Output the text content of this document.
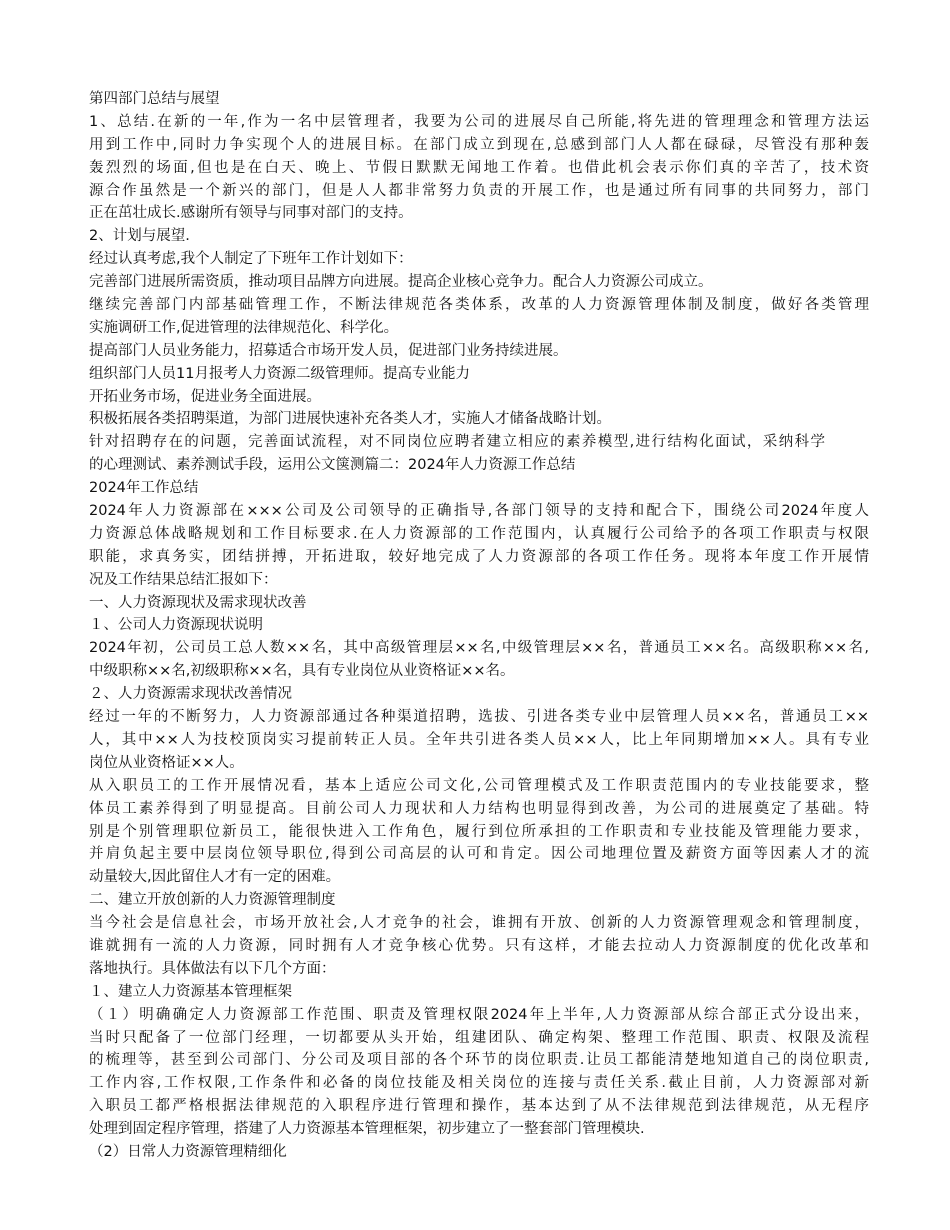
第四部门总结与展望
1、总结.在新的一年,作为一名中层管理者，我要为公司的进展尽自己所能,将先进的管理理念和管理方法运
用到工作中,同时力争实现个人的进展目标。在部门成立到现在,总感到部门人人都在碌碌，尽管没有那种轰
轰烈烈的场面,但也是在白天、晚上、节假日默默无闻地工作着。也借此机会表示你们真的辛苦了，技术资
源合作虽然是一个新兴的部门，但是人人都非常努力负责的开展工作，也是通过所有同事的共同努力，部门
正在茁壮成长.感谢所有领导与同事对部门的支持。
2、计划与展望.
经过认真考虑,我个人制定了下班年工作计划如下：
完善部门进展所需资质，推动项目品牌方向进展。提高企业核心竞争力。配合人力资源公司成立。
继续完善部门内部基础管理工作，不断法律规范各类体系，改革的人力资源管理体制及制度，做好各类管理
实施调研工作,促进管理的法律规范化、科学化。
提高部门人员业务能力，招募适合市场开发人员，促进部门业务持续进展。
组织部门人员11月报考人力资源二级管理师。提高专业能力
开拓业务市场，促进业务全面进展。
积极拓展各类招聘渠道，为部门进展快速补充各类人才，实施人才储备战略计划。
针对招聘存在的问题，完善面试流程，对不同岗位应聘者建立相应的素养模型,进行结构化面试，采纳科学
的心理测试、素养测试手段，运用公文箧测篇二：2024年人力资源工作总结
2024年工作总结
2024年人力资源部在×××公司及公司领导的正确指导,各部门领导的支持和配合下，围绕公司2024年度人
力资源总体战略规划和工作目标要求.在人力资源部的工作范围内，认真履行公司给予的各项工作职责与权限
职能，求真务实，团结拼搏，开拓进取，较好地完成了人力资源部的各项工作任务。现将本年度工作开展情
况及工作结果总结汇报如下：
一、人力资源现状及需求现状改善
１、公司人力资源现状说明
2024年初，公司员工总人数××名，其中高级管理层××名,中级管理层××名，普通员工××名。高级职称××名,
中级职称××名,初级职称××名，具有专业岗位从业资格证××名。
２、人力资源需求现状改善情况
经过一年的不断努力，人力资源部通过各种渠道招聘，选拔、引进各类专业中层管理人员××名，普通员工××
人，其中××人为技校顶岗实习提前转正人员。全年共引进各类人员××人，比上年同期增加××人。具有专业
岗位从业资格证××人。
从入职员工的工作开展情况看，基本上适应公司文化,公司管理模式及工作职责范围内的专业技能要求，整
体员工素养得到了明显提高。目前公司人力现状和人力结构也明显得到改善，为公司的进展奠定了基础。特
别是个别管理职位新员工，能很快进入工作角色，履行到位所承担的工作职责和专业技能及管理能力要求，
并肩负起主要中层岗位领导职位,得到公司高层的认可和肯定。因公司地理位置及薪资方面等因素人才的流
动量较大,因此留住人才有一定的困难。
二、建立开放创新的人力资源管理制度
当今社会是信息社会，市场开放社会,人才竞争的社会，谁拥有开放、创新的人力资源管理观念和管理制度，
谁就拥有一流的人力资源，同时拥有人才竞争核心优势。只有这样，才能去拉动人力资源制度的优化改革和
落地执行。具体做法有以下几个方面：
１、建立人力资源基本管理框架
（１）明确确定人力资源部工作范围、职责及管理权限2024年上半年,人力资源部从综合部正式分设出来，
当时只配备了一位部门经理，一切都要从头开始，组建团队、确定构架、整理工作范围、职责、权限及流程
的梳理等，甚至到公司部门、分公司及项目部的各个环节的岗位职责.让员工都能清楚地知道自己的岗位职责,
工作内容,工作权限,工作条件和必备的岗位技能及相关岗位的连接与责任关系.截止目前，人力资源部对新
入职员工都严格根据法律规范的入职程序进行管理和操作，基本达到了从不法律规范到法律规范，从无程序
处理到固定程序管理，搭建了人力资源基本管理框架，初步建立了一整套部门管理模块.
（2）日常人力资源管理精细化
